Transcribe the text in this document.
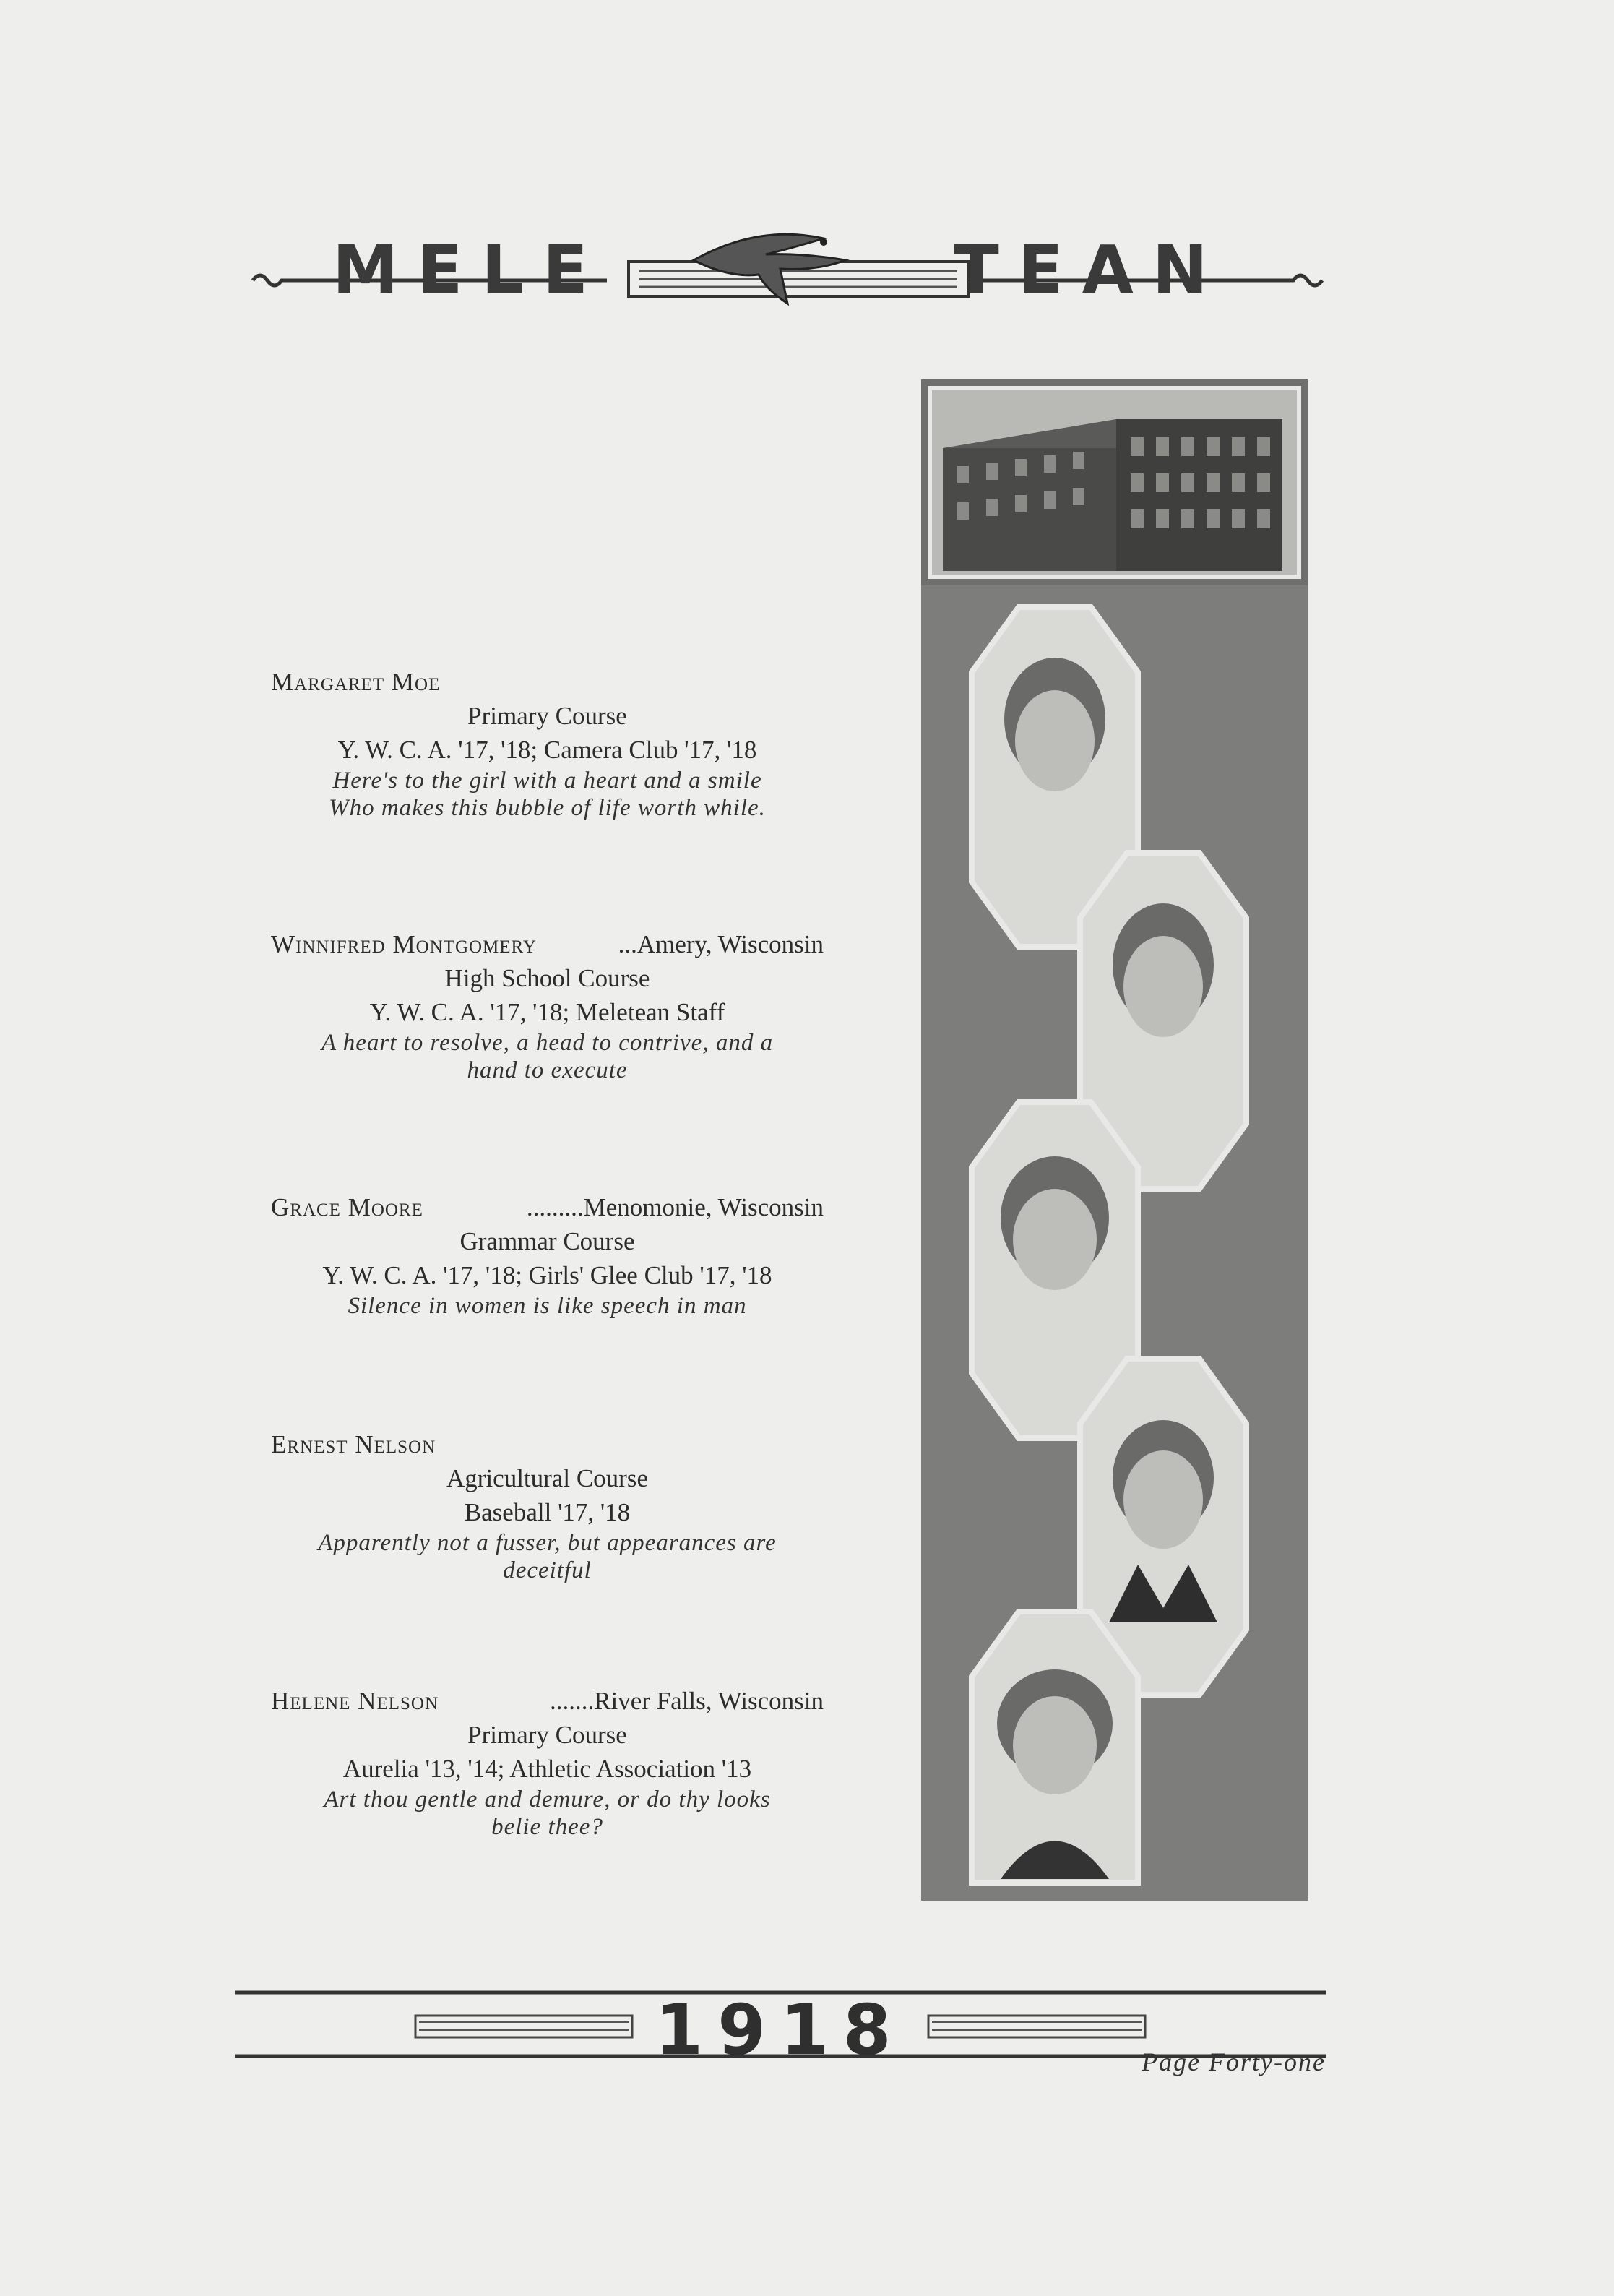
MELE	TEAN
Margaret Moe
Primary Course
Y. W. C. A. '17, '18; Camera Club '17, '18
Here's to the girl with a heart and a smile
Who makes this bubble of life worth while.
Winnifred Montgomery	...Amery, Wisconsin
High School Course
Y. W. C. A. '17, '18; Meletean Staff
A heart to resolve, a head to contrive, and a
hand to execute
Grace Moore	.........Menomonie, Wisconsin
Grammar Course
Y. W. C. A. '17, '18; Girls' Glee Club '17, '18
Silence in women is like speech in man
Ernest Nelson
Agricultural Course
Baseball '17, '18
Apparently not a fusser, but appearances are
deceitful
Helene Nelson	.......River Falls, Wisconsin
Primary Course
Aurelia '13, '14; Athletic Association '13
Art thou gentle and demure, or do thy looks
belie thee?
1918	Page Forty-one
